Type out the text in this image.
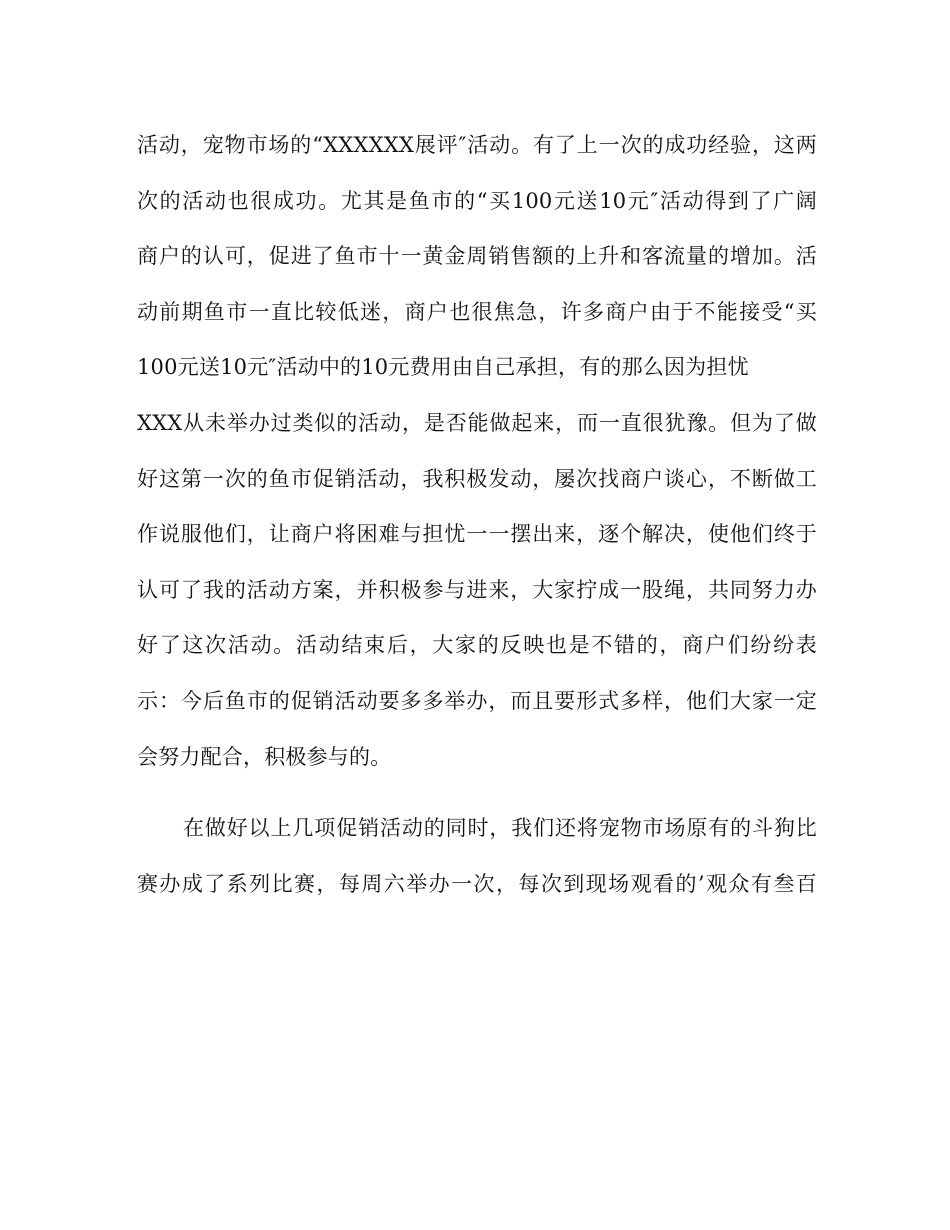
活动，宠物市场的“XXXXXX展评″活动。有了上一次的成功经验，这两
次的活动也很成功。尤其是鱼市的“买100元送10元″活动得到了广阔
商户的认可，促进了鱼市十一黄金周销售额的上升和客流量的增加。活
动前期鱼市一直比较低迷，商户也很焦急，许多商户由于不能接受“买
100元送10元″活动中的10元费用由自己承担，有的那么因为担忧
XXX从未举办过类似的活动，是否能做起来，而一直很犹豫。但为了做
好这第一次的鱼市促销活动，我积极发动，屡次找商户谈心，不断做工
作说服他们，让商户将困难与担忧一一摆出来，逐个解决，使他们终于
认可了我的活动方案，并积极参与进来，大家拧成一股绳，共同努力办
好了这次活动。活动结束后，大家的反映也是不错的，商户们纷纷表
示：今后鱼市的促销活动要多多举办，而且要形式多样，他们大家一定
会努力配合，积极参与的。
在做好以上几项促销活动的同时，我们还将宠物市场原有的斗狗比
赛办成了系列比赛，每周六举办一次，每次到现场观看的’观众有叁百
